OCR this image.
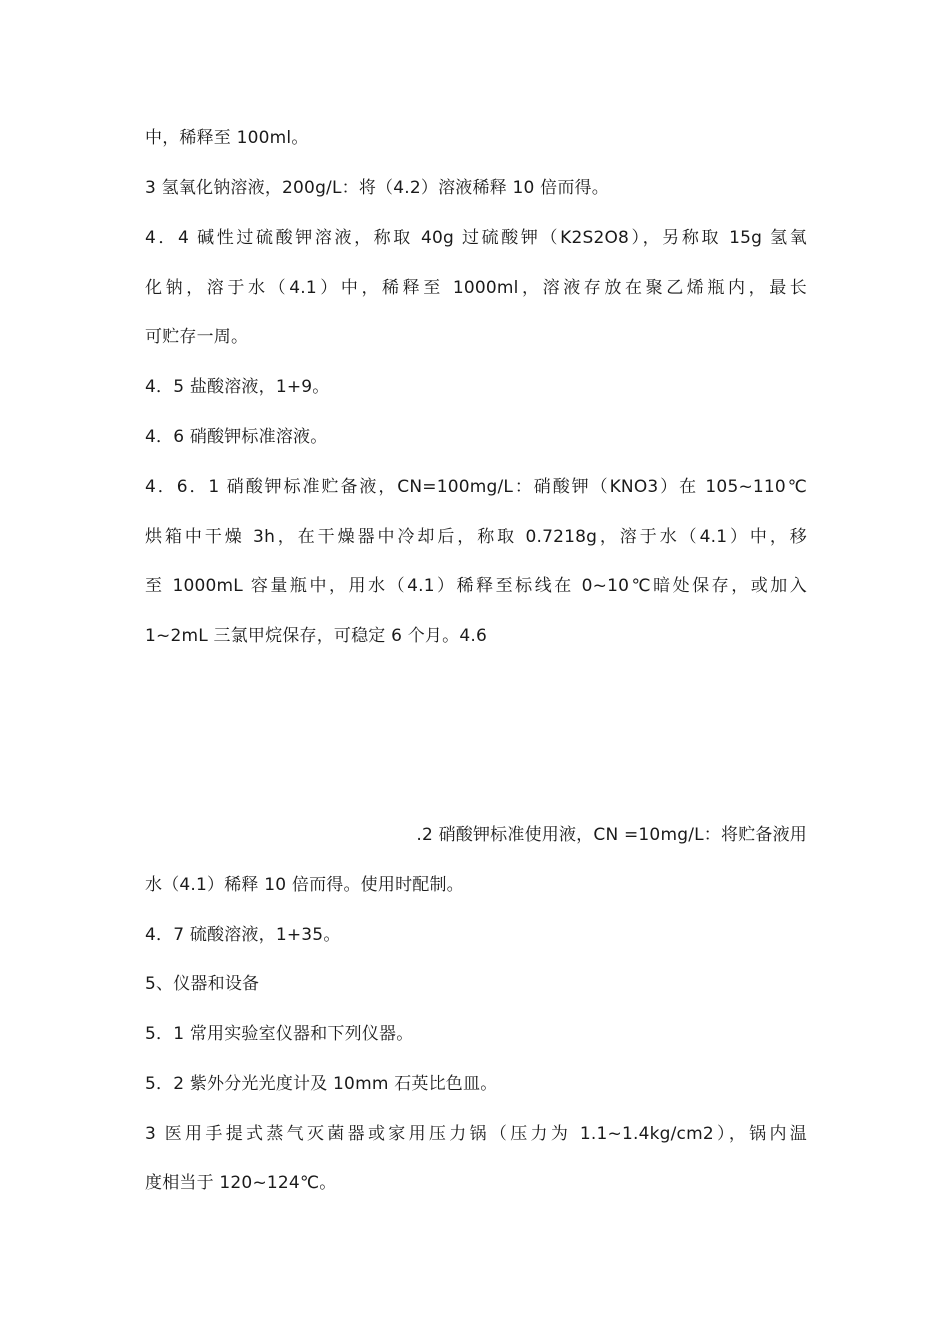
中，稀释至 100ml。
3 氢氧化钠溶液，200g/L：将（4.2）溶液稀释 10 倍而得。
4．4 碱性过硫酸钾溶液，称取 40g 过硫酸钾（K2S2O8），另称取 15g 氢氧
化钠，溶于水（4.1）中，稀释至 1000ml，溶液存放在聚乙烯瓶内，最长
可贮存一周。
4．5 盐酸溶液，1+9。
4．6 硝酸钾标准溶液。
4．6．1 硝酸钾标准贮备液，CN=100mg/L：硝酸钾（KNO3）在 105~110℃
烘箱中干燥 3h，在干燥器中冷却后，称取 0.7218g，溶于水（4.1）中，移
至 1000mL 容量瓶中，用水（4.1）稀释至标线在 0~10℃暗处保存，或加入
1~2mL 三氯甲烷保存，可稳定 6 个月。4.6
.2 硝酸钾标准使用液，CN =10mg/L：将贮备液用
水（4.1）稀释 10 倍而得。使用时配制。
4．7 硫酸溶液，1+35。
5、仪器和设备
5．1 常用实验室仪器和下列仪器。
5．2 紫外分光光度计及 10mm 石英比色皿。
3 医用手提式蒸气灭菌器或家用压力锅（压力为 1.1~1.4kg/cm2），锅内温
度相当于 120~124℃。
